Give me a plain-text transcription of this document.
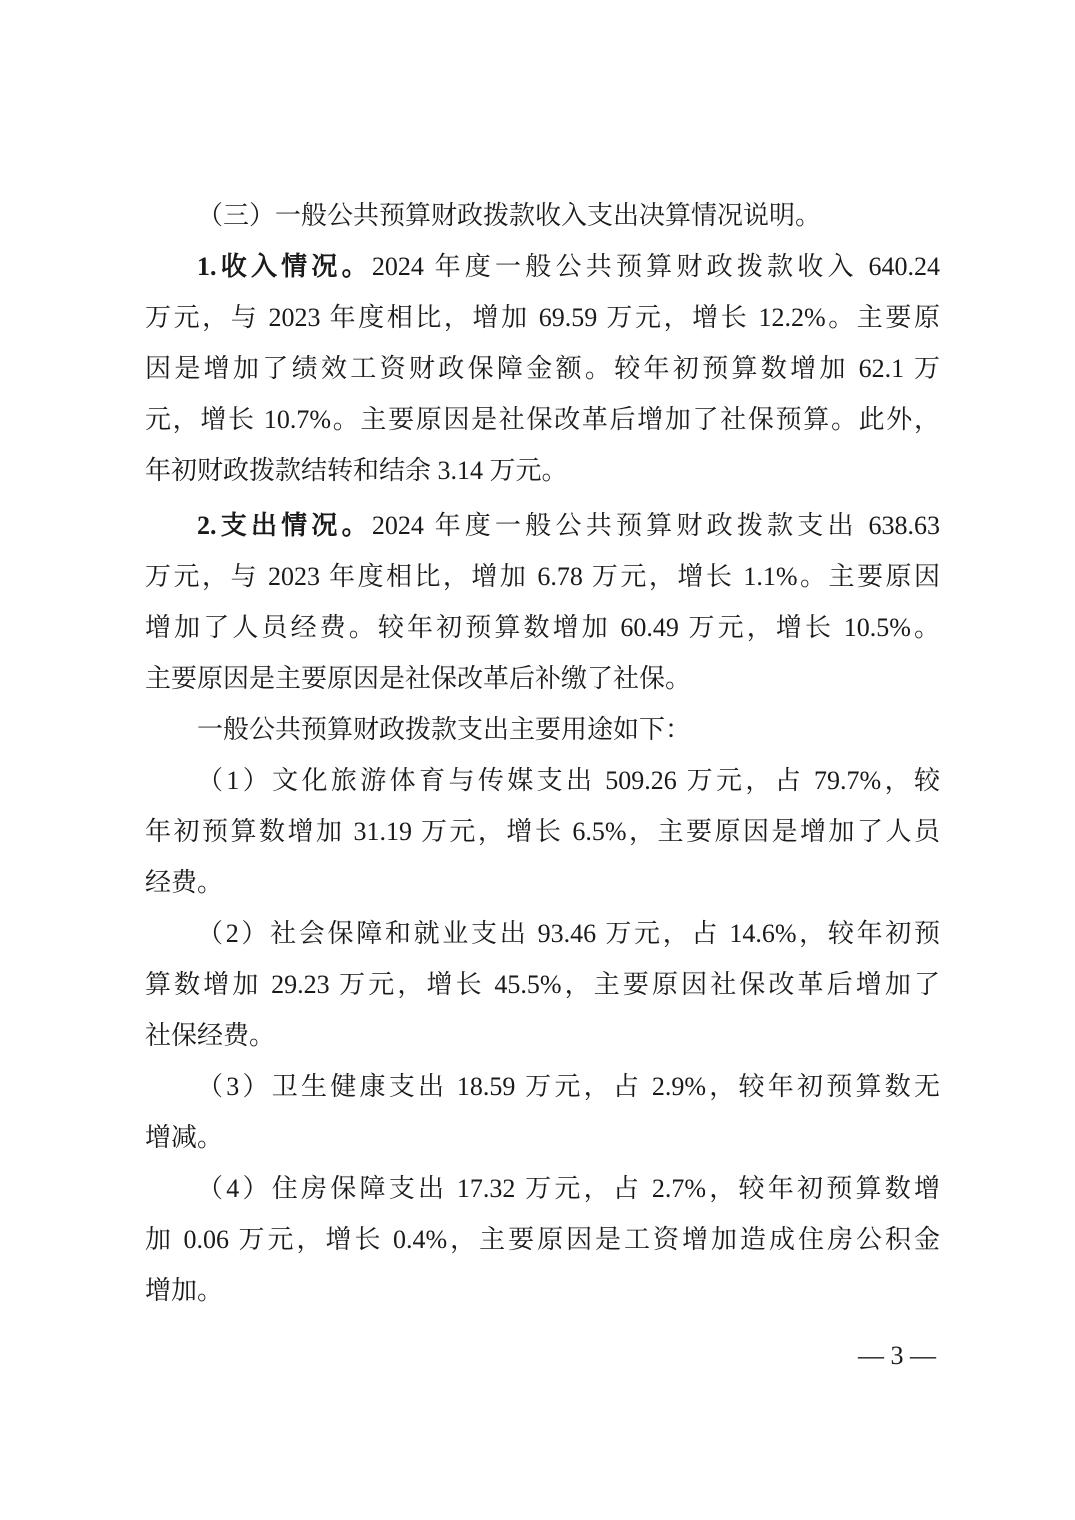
（三）一般公共预算财政拨款收入支出决算情况说明。
1.收入情况。2024 年度一般公共预算财政拨款收入 640.24
万元，与 2023 年度相比，增加 69.59 万元，增长 12.2%。主要原
因是增加了绩效工资财政保障金额。较年初预算数增加 62.1 万
元，增长 10.7%。主要原因是社保改革后增加了社保预算。此外，
年初财政拨款结转和结余 3.14 万元。
2.支出情况。2024 年度一般公共预算财政拨款支出 638.63
万元，与 2023 年度相比，增加 6.78 万元，增长 1.1%。主要原因
增加了人员经费。较年初预算数增加 60.49 万元，增长 10.5%。
主要原因是主要原因是社保改革后补缴了社保。
一般公共预算财政拨款支出主要用途如下：
（1）文化旅游体育与传媒支出 509.26 万元，占 79.7%，较
年初预算数增加 31.19 万元，增长 6.5%，主要原因是增加了人员
经费。
（2）社会保障和就业支出 93.46 万元，占 14.6%，较年初预
算数增加 29.23 万元，增长 45.5%，主要原因社保改革后增加了
社保经费。
（3）卫生健康支出 18.59 万元，占 2.9%，较年初预算数无
增减。
（4）住房保障支出 17.32 万元，占 2.7%，较年初预算数增
加 0.06 万元，增长 0.4%，主要原因是工资增加造成住房公积金
增加。
— 3 —
